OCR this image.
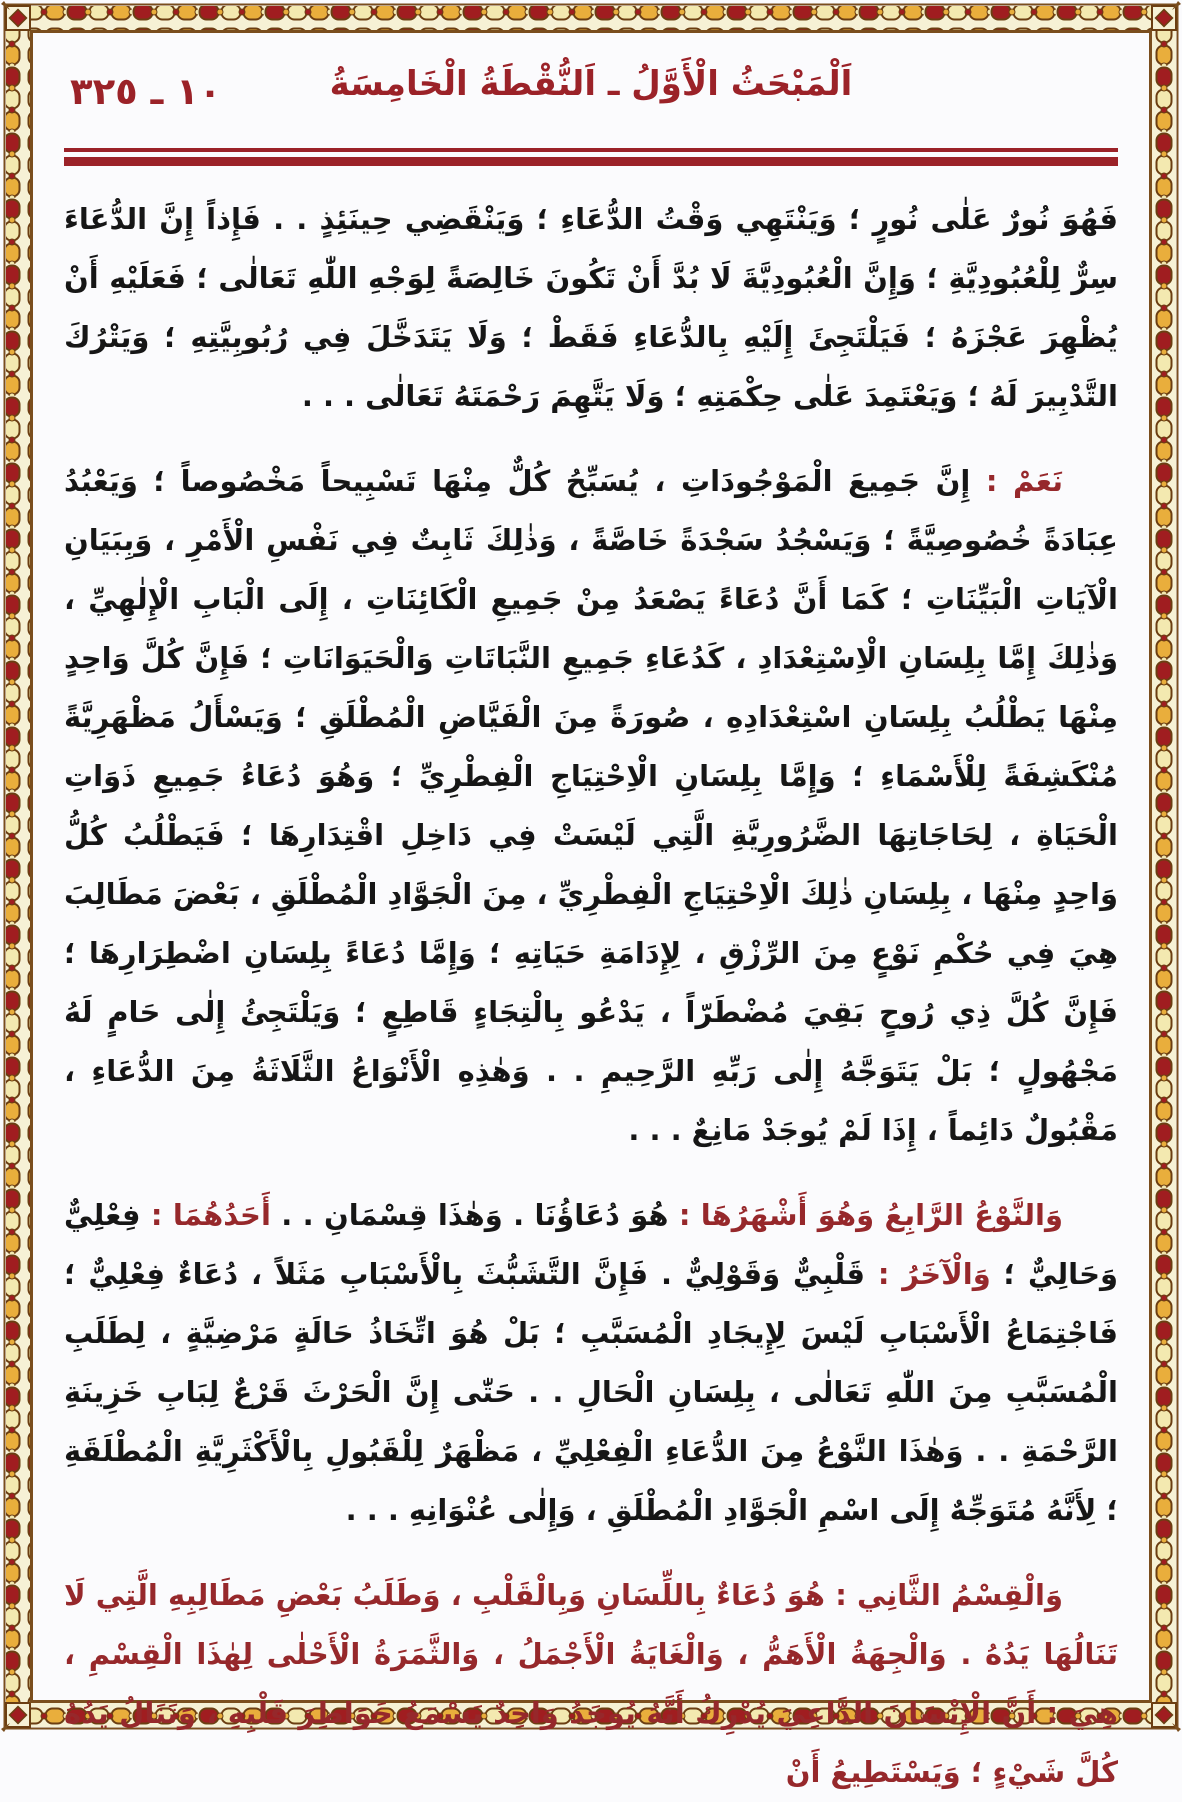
١٠ ـ ٣٢٥	اَلْمَبْحَثُ الْأَوَّلُ ـ اَلنُّقْطَةُ الْخَامِسَةُ

فَهُوَ نُورٌ عَلٰى نُورٍ ؛ وَيَنْتَهِي وَقْتُ الدُّعَاءِ ؛ وَيَنْقَضِي حِينَئِذٍ . . فَإِذاً إِنَّ الدُّعَاءَ سِرٌّ لِلْعُبُودِيَّةِ ؛ وَإِنَّ الْعُبُودِيَّةَ لَا بُدَّ أَنْ تَكُونَ خَالِصَةً لِوَجْهِ اللّٰهِ تَعَالٰى ؛ فَعَلَيْهِ أَنْ يُظْهِرَ عَجْزَهُ ؛ فَيَلْتَجِئَ إِلَيْهِ بِالدُّعَاءِ فَقَطْ ؛ وَلَا يَتَدَخَّلَ فِي رُبُوبِيَّتِهِ ؛ وَيَتْرُكَ التَّدْبِيرَ لَهُ ؛ وَيَعْتَمِدَ عَلٰى حِكْمَتِهِ ؛ وَلَا يَتَّهِمَ رَحْمَتَهُ تَعَالٰى . . .

نَعَمْ : إِنَّ جَمِيعَ الْمَوْجُودَاتِ ، يُسَبِّحُ كُلٌّ مِنْهَا تَسْبِيحاً مَخْصُوصاً ؛ وَيَعْبُدُ عِبَادَةً خُصُوصِيَّةً ؛ وَيَسْجُدُ سَجْدَةً خَاصَّةً ، وَذٰلِكَ ثَابِتٌ فِي نَفْسِ الْأَمْرِ ، وَبِبَيَانِ الْآيَاتِ الْبَيِّنَاتِ ؛ كَمَا أَنَّ دُعَاءً يَصْعَدُ مِنْ جَمِيعِ الْكَائِنَاتِ ، إِلَى الْبَابِ الْإِلٰهِيِّ ، وَذٰلِكَ إِمَّا بِلِسَانِ الْاِسْتِعْدَادِ ، كَدُعَاءِ جَمِيعِ النَّبَاتَاتِ وَالْحَيَوَانَاتِ ؛ فَإِنَّ كُلَّ وَاحِدٍ مِنْهَا يَطْلُبُ بِلِسَانِ اسْتِعْدَادِهِ ، صُورَةً مِنَ الْفَيَّاضِ الْمُطْلَقِ ؛ وَيَسْأَلُ مَظْهَرِيَّةً مُنْكَشِفَةً لِلْأَسْمَاءِ ؛ وَإِمَّا بِلِسَانِ الْاِحْتِيَاجِ الْفِطْرِيِّ ؛ وَهُوَ دُعَاءُ جَمِيعِ ذَوَاتِ الْحَيَاةِ ، لِحَاجَاتِهَا الضَّرُورِيَّةِ الَّتِي لَيْسَتْ فِي دَاخِلِ اقْتِدَارِهَا ؛ فَيَطْلُبُ كُلُّ وَاحِدٍ مِنْهَا ، بِلِسَانِ ذٰلِكَ الْاِحْتِيَاجِ الْفِطْرِيِّ ، مِنَ الْجَوَّادِ الْمُطْلَقِ ، بَعْضَ مَطَالِبَ هِيَ فِي حُكْمِ نَوْعٍ مِنَ الرِّزْقِ ، لِإِدَامَةِ حَيَاتِهِ ؛ وَإِمَّا دُعَاءً بِلِسَانِ اضْطِرَارِهَا ؛ فَإِنَّ كُلَّ ذِي رُوحٍ بَقِيَ مُضْطَرّاً ، يَدْعُو بِالْتِجَاءٍ قَاطِعٍ ؛ وَيَلْتَجِئُ إِلٰى حَامٍ لَهُ مَجْهُولٍ ؛ بَلْ يَتَوَجَّهُ إِلٰى رَبِّهِ الرَّحِيمِ . . وَهٰذِهِ الْأَنْوَاعُ الثَّلَاثَةُ مِنَ الدُّعَاءِ ، مَقْبُولٌ دَائِماً ، إِذَا لَمْ يُوجَدْ مَانِعٌ . . .

وَالنَّوْعُ الرَّابِعُ وَهُوَ أَشْهَرُهَا : هُوَ دُعَاؤُنَا . وَهٰذَا قِسْمَانِ . . أَحَدُهُمَا : فِعْلِيٌّ وَحَالِيٌّ ؛ وَالْآخَرُ : قَلْبِيٌّ وَقَوْلِيٌّ . فَإِنَّ التَّشَبُّثَ بِالْأَسْبَابِ مَثَلاً ، دُعَاءٌ فِعْلِيٌّ ؛ فَاجْتِمَاعُ الْأَسْبَابِ لَيْسَ لِإِيجَادِ الْمُسَبَّبِ ؛ بَلْ هُوَ اتِّخَاذُ حَالَةٍ مَرْضِيَّةٍ ، لِطَلَبِ الْمُسَبَّبِ مِنَ اللّٰهِ تَعَالٰى ، بِلِسَانِ الْحَالِ . . حَتّٰى إِنَّ الْحَرْثَ قَرْعٌ لِبَابِ خَزِينَةِ الرَّحْمَةِ . . وَهٰذَا النَّوْعُ مِنَ الدُّعَاءِ الْفِعْلِيِّ ، مَظْهَرٌ لِلْقَبُولِ بِالْأَكْثَرِيَّةِ الْمُطْلَقَةِ ؛ لِأَنَّهُ مُتَوَجِّهٌ إِلَى اسْمِ الْجَوَّادِ الْمُطْلَقِ ، وَإِلٰى عُنْوَانِهِ . . .

وَالْقِسْمُ الثَّانِي : هُوَ دُعَاءٌ بِاللِّسَانِ وَبِالْقَلْبِ ، وَطَلَبُ بَعْضِ مَطَالِبِهِ الَّتِي لَا تَنَالُهَا يَدُهُ . وَالْجِهَةُ الْأَهَمُّ ، وَالْغَايَةُ الْأَجْمَلُ ، وَالثَّمَرَةُ الْأَحْلٰى لِهٰذَا الْقِسْمِ ، هِيَ : أَنَّ الْإِنْسَانَ الدَّاعِيَ يُدْرِكُ أَنَّهُ يُوجَدُ وَاحِدٌ يَسْمَعُ خَوَاطِرَ قَلْبِهِ ، وَتَنَالُ يَدُهُ كُلَّ شَيْءٍ ؛ وَيَسْتَطِيعُ أَنْ
